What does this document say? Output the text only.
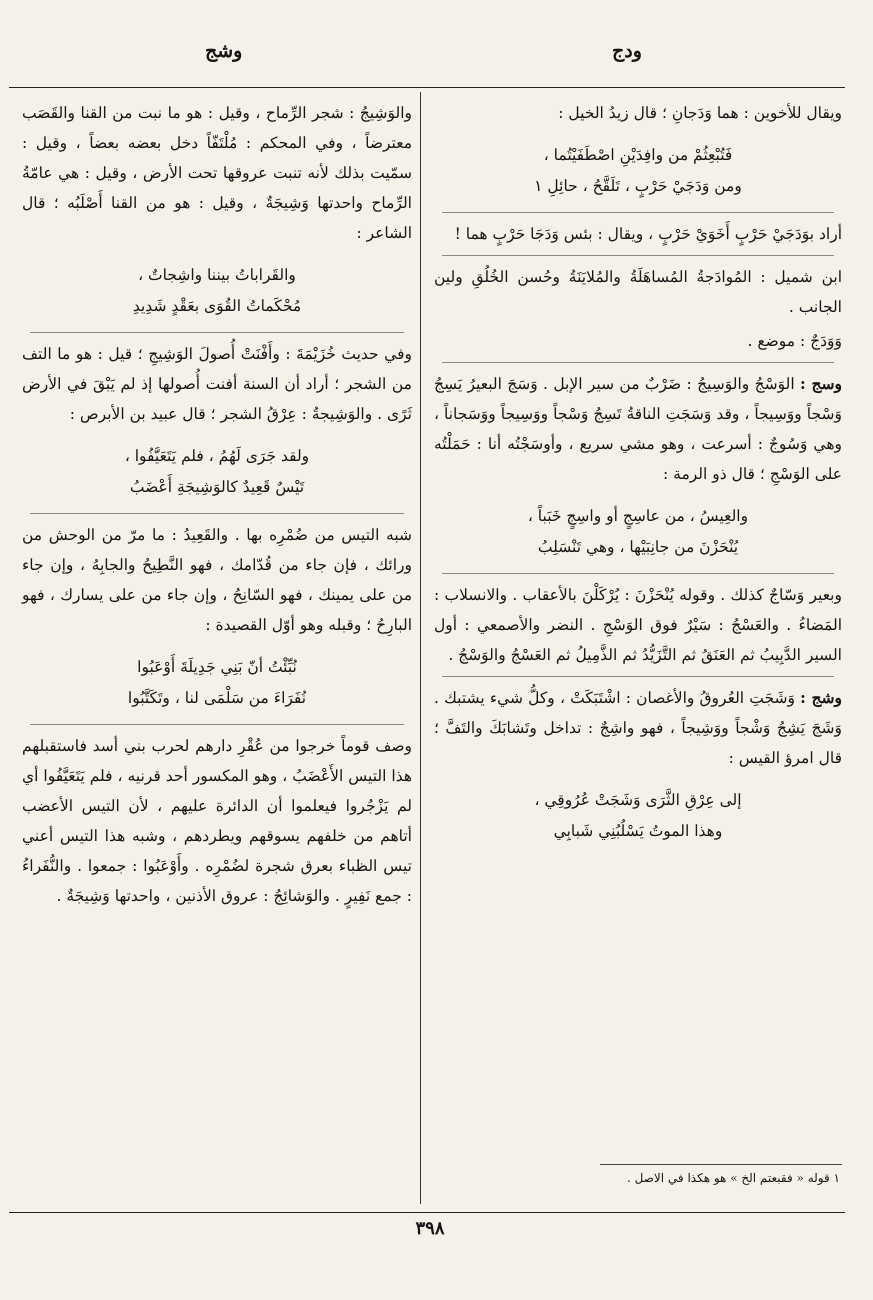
ودج
وشج

ويقال للأخوين : هما وَدَجانِ ؛ قال زيدُ الخيل :

فَتُبْعِثُمْ من وافِدَيْنِ اصْطَفَيْتُما ،
ومن وَدَجَيْ حَرْبٍ ، تَلَقَّحُ ، حائِلِ ١

أراد بوَدَجَيْ حَرْبٍ أَخَوَيْ حَرْبٍ ، ويقال : بئس وَدَجَا حَرْبٍ هما !

ابن شميل : المُوادَجةُ المُساهَلَةُ والمُلايَنَةُ وحُسن الخُلُقِ ولين الجانب .

وَوَدَجٌ : موضع .

وسج : الوَسْجُ والوَسِيجُ : ضَرْبٌ من سير الإبل . وَسَجَ البعيرُ يَسِجُ وَسْجاً ووَسِيجاً ، وقد وَسَجَتِ الناقةُ تَسِجُ وَسْجاً ووَسِيجاً ووَسَجاناً ، وهي وَسُوجٌ : أسرعت ، وهو مشي سريع ، وأوسَجْتُه أنا : حَمَلْتُه على الوَسْجِ ؛ قال ذو الرمة :

والعِيسُ ، من عاسِجٍ أو واسِجٍ خَبَباً ،
يُنْحَزْنَ من جانِبَيْها ، وهي تَنْسَلِبُ

وبعير وَسّاجٌ كذلك . وقوله يُنْحَزْنَ : يُرْكَلْنَ بالأعقاب . والانسلاب : المَضاءُ . والعَسْجُ : سَيْرٌ فوق الوَسْجِ . النضر والأصمعي : أول السير الدَّبِيبُ ثم العَنَقُ ثم التَّزَيُّدُ ثم الذَّمِيلُ ثم العَسْجُ والوَسْجُ .

وشج : وَشَجَتِ العُروقُ والأغصان : اشْتَبَكَتْ ، وكلُّ شيء يشتبك . وَشَجَ يَشِجُ وَشْجاً ووَشِيجاً ، فهو واشِجٌ : تداخل وتَشابَكَ والتَفَّ ؛ قال امرؤ القيس :

إلى عِرْقِ الثَّرَى وَشَجَتْ عُرُوقِي ،
وهذا الموتُ يَسْلُبُنِي شَبابِي

والوَشِيجُ : شجر الرِّماح ، وقيل : هو ما نبت من القنا والقَصَب معترضاً ، وفي المحكم : مُلْتَفّاً دخل بعضه بعضاً ، وقيل : سمّيت بذلك لأنه تنبت عروقها تحت الأرض ، وقيل : هي عامّةُ الرِّماح واحدتها وَشِيجَةٌ ، وقيل : هو من القنا أَصْلَبُه ؛ قال الشاعر :

والقَراباتُ بيننا واشِجاتٌ ،
مُحْكَماتُ القُوَى بعَقْدٍ شَدِيدِ

وفي حديث خُزَيْمَةَ : وأَفْنَتْ أُصولَ الوَشِيجِ ؛ قيل : هو ما التف من الشجر ؛ أراد أن السنة أفنت أُصولها إذ لم يَبْقَ في الأرض ثَرًى . والوَشِيجةُ : عِرْقُ الشجر ؛ قال عبيد بن الأبرص :

ولقد جَرَى لَهُمُ ، فلم يَتَعَيَّفُوا ،
تَيْسٌ قَعِيدٌ كالوَشِيجَةِ أَعْضَبُ

شبه التيس من ضُمْرِه بها . والقَعِيدُ : ما مرّ من الوحش من ورائك ، فإن جاء من قُدّامك ، فهو النَّطِيحُ والجابِهُ ، وإن جاء من على يمينك ، فهو السّانِحُ ، وإن جاء من على يسارك ، فهو البارِحُ ؛ وقبله وهو أوّل القصيدة :

نُبِّئْتُ أنّ بَنِي جَدِيلَةَ أَوْعَبُوا
نُفَرَاءَ من سَلْمَى لنا ، وتَكَتَّبُوا

وصف قوماً خرجوا من عُقْرِ دارهم لحرب بني أسد فاستقبلهم هذا التيس الأَعْضَبُ ، وهو المكسور أحد قرنيه ، فلم يَتَعَيَّفُوا أي لم يَزْجُروا فيعلموا أن الدائرة عليهم ، لأن التيس الأعضب أتاهم من خلفهم يسوقهم ويطردهم ، وشبه هذا التيس أعني تيس الظباء بعرق شجرة لضُمْرِه . وأَوْعَبُوا : جمعوا . والنُّفَراءُ : جمع نَفِيرٍ . والوَشائِجُ : عروق الأذنين ، واحدتها وَشِيجَةٌ .

١ قوله « فقبعتم الخ » هو هكذا في الاصل .
٣٩٨
